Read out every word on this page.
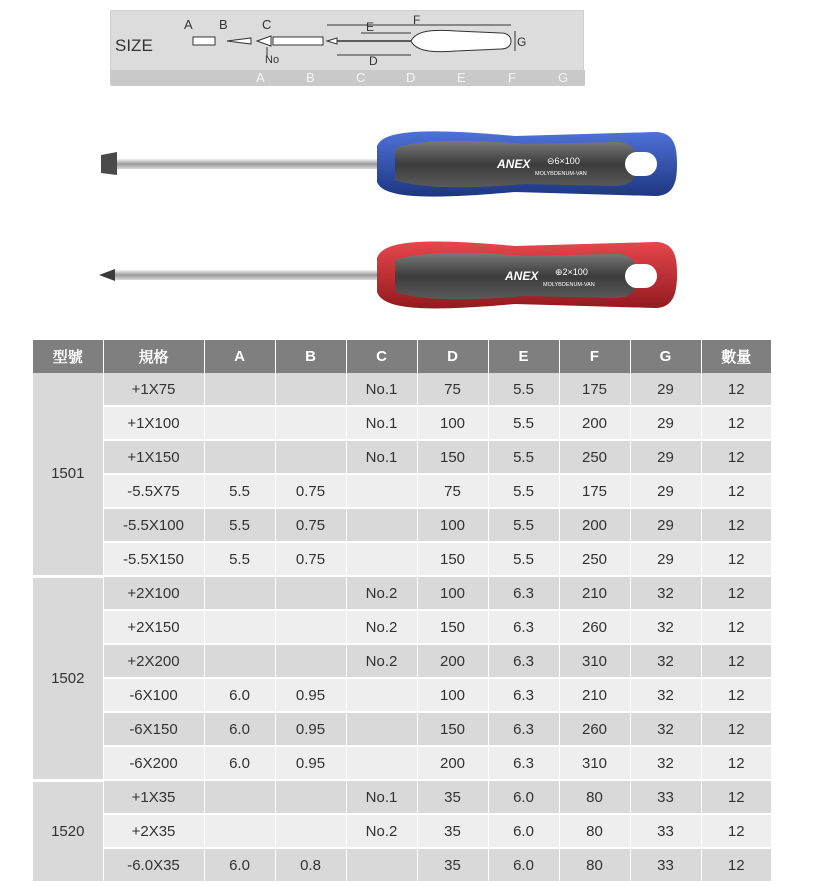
SIZE
A B	C
No
E
D
F
G
A	B	C	D	E	F	G
ANEX ⊖6×100
MOLYBDENUM-VAN
ANEX ⊕2×100
MOLYBDENUM-VAN
型號	規格	A	B	C	D	E	F	G	數量
1501	+1X75			No.1	75	5.5	175	29	12
	+1X100			No.1	100	5.5	200	29	12
	+1X150			No.1	150	5.5	250	29	12
	-5.5X75	5.5	0.75		75	5.5	175	29	12
	-5.5X100	5.5	0.75		100	5.5	200	29	12
	-5.5X150	5.5	0.75		150	5.5	250	29	12
1502	+2X100			No.2	100	6.3	210	32	12
	+2X150			No.2	150	6.3	260	32	12
	+2X200			No.2	200	6.3	310	32	12
	-6X100	6.0	0.95		100	6.3	210	32	12
	-6X150	6.0	0.95		150	6.3	260	32	12
	-6X200	6.0	0.95		200	6.3	310	32	12
1520	+1X35			No.1	35	6.0	80	33	12
	+2X35			No.2	35	6.0	80	33	12
	-6.0X35	6.0	0.8		35	6.0	80	33	12
